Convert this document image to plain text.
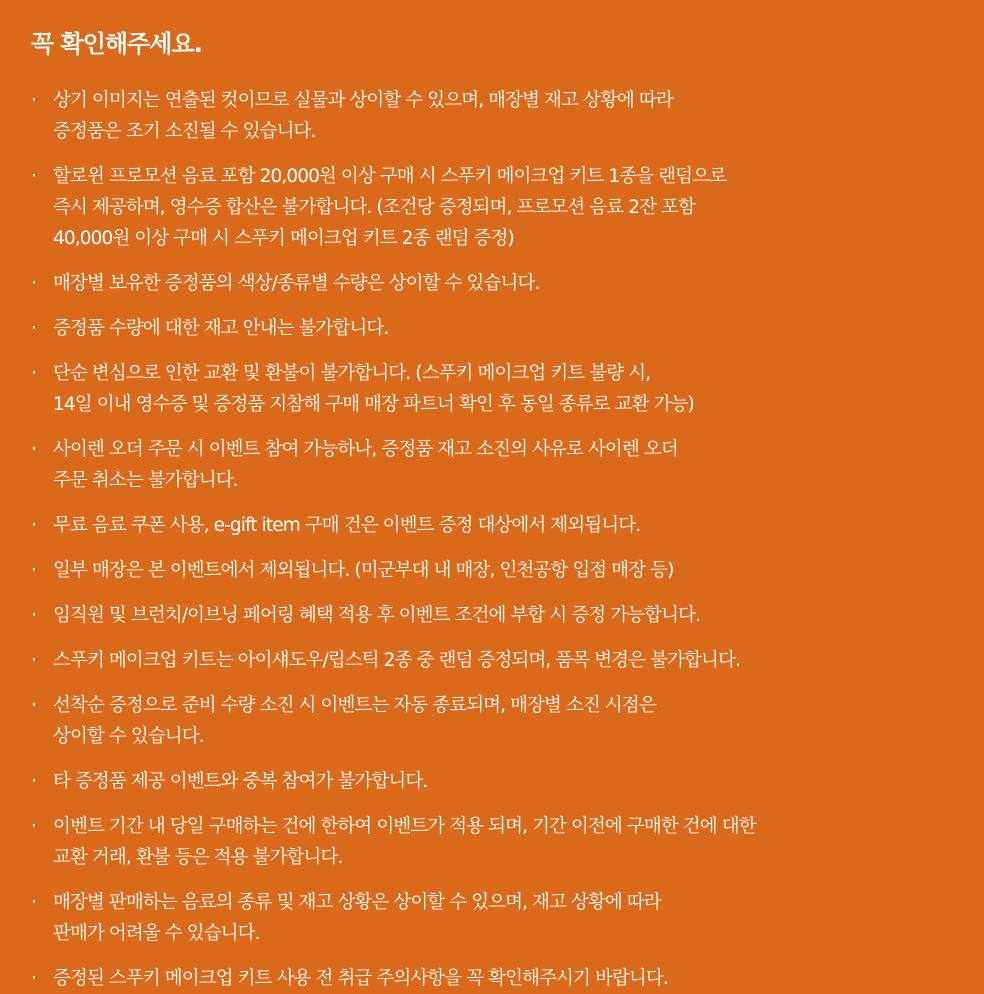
꼭 확인해주세요.
· 상기 이미지는 연출된 컷이므로 실물과 상이할 수 있으며, 매장별 재고 상황에 따라
증정품은 조기 소진될 수 있습니다.
· 할로윈 프로모션 음료 포함 20,000원 이상 구매 시 스푸키 메이크업 키트 1종을 랜덤으로
즉시 제공하며, 영수증 합산은 불가합니다. (조건당 증정되며, 프로모션 음료 2잔 포함
40,000원 이상 구매 시 스푸키 메이크업 키트 2종 랜덤 증정)
· 매장별 보유한 증정품의 색상/종류별 수량은 상이할 수 있습니다.
· 증정품 수량에 대한 재고 안내는 불가합니다.
· 단순 변심으로 인한 교환 및 환불이 불가합니다. (스푸키 메이크업 키트 불량 시,
14일 이내 영수증 및 증정품 지참해 구매 매장 파트너 확인 후 동일 종류로 교환 가능)
· 사이렌 오더 주문 시 이벤트 참여 가능하나, 증정품 재고 소진의 사유로 사이렌 오더
주문 취소는 불가합니다.
· 무료 음료 쿠폰 사용, e-gift item 구매 건은 이벤트 증정 대상에서 제외됩니다.
· 일부 매장은 본 이벤트에서 제외됩니다. (미군부대 내 매장, 인천공항 입점 매장 등)
· 임직원 및 브런치/이브닝 페어링 혜택 적용 후 이벤트 조건에 부합 시 증정 가능합니다.
· 스푸키 메이크업 키트는 아이섀도우/립스틱 2종 중 랜덤 증정되며, 품목 변경은 불가합니다.
· 선착순 증정으로 준비 수량 소진 시 이벤트는 자동 종료되며, 매장별 소진 시점은
상이할 수 있습니다.
· 타 증정품 제공 이벤트와 중복 참여가 불가합니다.
· 이벤트 기간 내 당일 구매하는 건에 한하여 이벤트가 적용 되며, 기간 이전에 구매한 건에 대한
교환 거래, 환불 등은 적용 불가합니다.
· 매장별 판매하는 음료의 종류 및 재고 상황은 상이할 수 있으며, 재고 상황에 따라
판매가 어려울 수 있습니다.
· 증정된 스푸키 메이크업 키트 사용 전 취급 주의사항을 꼭 확인해주시기 바랍니다.
